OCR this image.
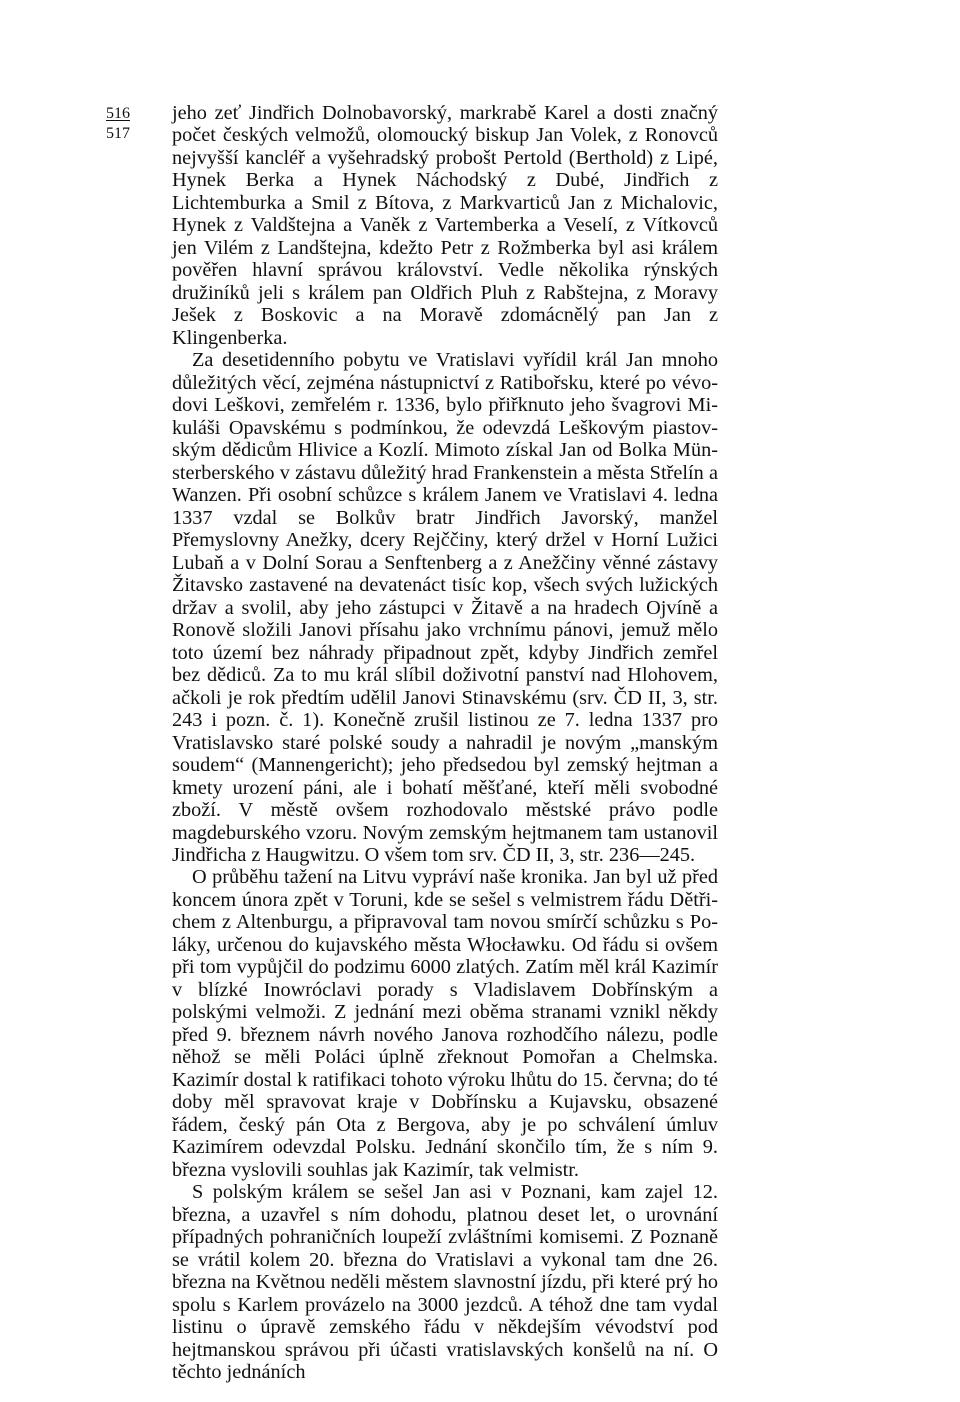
516
517

jeho zeť Jindřich Dolnobavorský, markrabě Karel a dosti značný počet českých velmožů, olomoucký biskup Jan Volek, z Ronovců nejvyšší kancléř a vyšehradský probošt Pertold (Berthold) z Lipé, Hynek Berka a Hynek Náchodský z Dubé, Jindřich z Lichtemburka a Smil z Bítova, z Markvarticů Jan z Michalovic, Hynek z Valdštejna a Vaněk z Vartemberka a Veselí, z Vítkovců jen Vilém z Landštejna, kdežto Petr z Rožmberka byl asi králem pověřen hlavní správou království. Vedle několika rýnských družiníků jeli s králem pan Oldřich Pluh z Rabštejna, z Moravy Ješek z Boskovic a na Moravě zdomácnělý pan Jan z Klingenberka.

Za desetidenního pobytu ve Vratislavi vyřídil král Jan mnoho důležitých věcí, zejména nástupnictví z Ratibořsku, které po vévodovi Leškovi, zemřelém r. 1336, bylo přiřknuto jeho švagrovi Mikuláši Opavskému s podmínkou, že odevzdá Leškovým piastovským dědicům Hlivice a Kozlí. Mimoto získal Jan od Bolka Münsterberského v zástavu důležitý hrad Frankenstein a města Střelín a Wanzen. Při osobní schůzce s králem Janem ve Vratislavi 4. ledna 1337 vzdal se Bolkův bratr Jindřich Javorský, manžel Přemyslovny Anežky, dcery Rejččiny, který držel v Horní Lužici Lubaň a v Dolní Sorau a Senftenberg a z Anežčiny věnné zástavy Žitavsko zastavené na devatenáct tisíc kop, všech svých lužických držav a svolil, aby jeho zástupci v Žitavě a na hradech Ojvíně a Ronově složili Janovi přísahu jako vrchnímu pánovi, jemuž mělo toto území bez náhrady připadnout zpět, kdyby Jindřich zemřel bez dědiců. Za to mu král slíbil doživotní panství nad Hlohovem, ačkoli je rok předtím udělil Janovi Stinavskému (srv. ČD II, 3, str. 243 i pozn. č. 1). Konečně zrušil listinou ze 7. ledna 1337 pro Vratislavsko staré polské soudy a nahradil je novým „manským soudem“ (Mannengericht); jeho předsedou byl zemský hejtman a kmety urození páni, ale i bohatí měšťané, kteří měli svobodné zboží. V městě ovšem rozhodovalo městské právo podle magdeburského vzoru. Novým zemským hejtmanem tam ustanovil Jindřicha z Haugwitzu. O všem tom srv. ČD II, 3, str. 236—245.

O průběhu tažení na Litvu vypráví naše kronika. Jan byl už před koncem února zpět v Toruni, kde se sešel s velmistrem řádu Dětřichem z Altenburgu, a připravoval tam novou smírčí schůzku s Poláky, určenou do kujavského města Włocławku. Od řádu si ovšem při tom vypůjčil do podzimu 6000 zlatých. Zatím měl král Kazimír v blízké Inowróclavi porady s Vladislavem Dobřínským a polskými velmoži. Z jednání mezi oběma stranami vznikl někdy před 9. březnem návrh nového Janova rozhodčího nálezu, podle něhož se měli Poláci úplně zřeknout Pomořan a Chelmska. Kazimír dostal k ratifikaci tohoto výroku lhůtu do 15. června; do té doby měl spravovat kraje v Dobřínsku a Kujavsku, obsazené řádem, český pán Ota z Bergova, aby je po schválení úmluv Kazimírem odevzdal Polsku. Jednání skončilo tím, že s ním 9. března vyslovili souhlas jak Kazimír, tak velmistr.

S polským králem se sešel Jan asi v Poznani, kam zajel 12. března, a uzavřel s ním dohodu, platnou deset let, o urovnání případných pohraničních loupeží zvláštními komisemi. Z Poznaně se vrátil kolem 20. března do Vratislavi a vykonal tam dne 26. března na Květnou neděli městem slavnostní jízdu, při které prý ho spolu s Karlem provázelo na 3000 jezdců. A téhož dne tam vydal listinu o úpravě zemského řádu v někdejším vévodství pod hejtmanskou správou při účasti vratislavských konšelů na ní. O těchto jednáních
